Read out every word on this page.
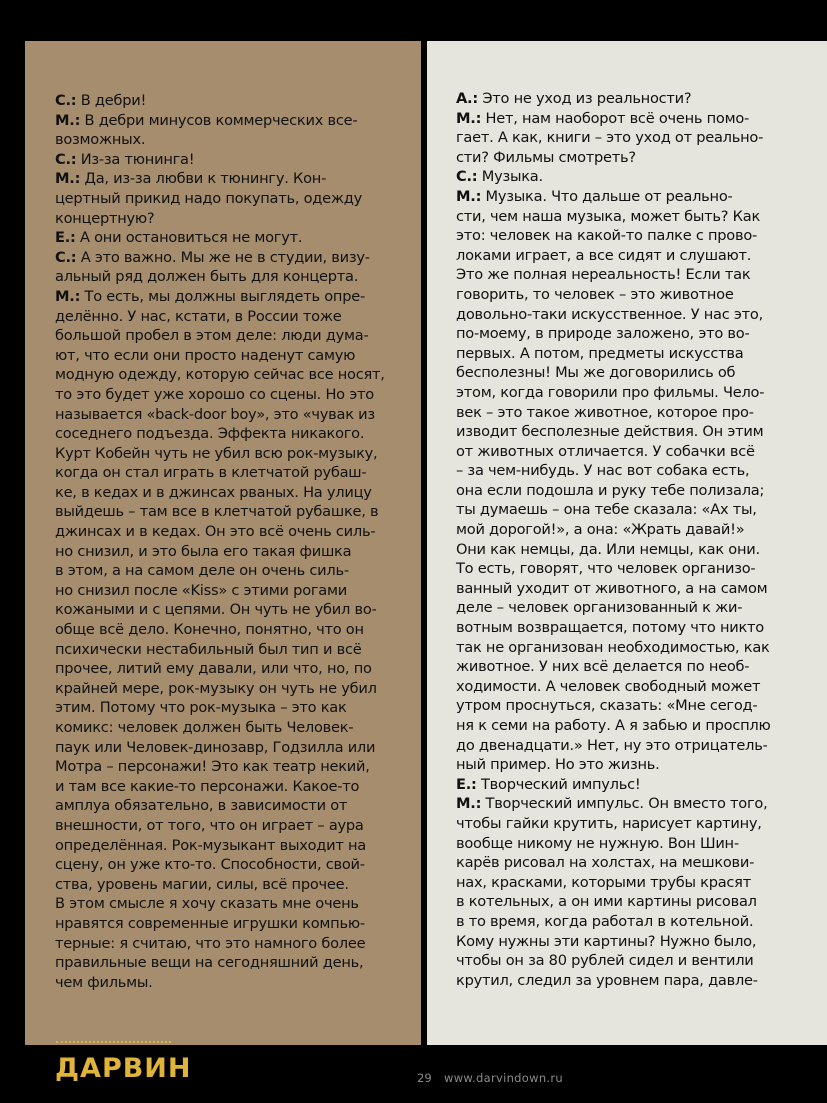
С.: В дебри!
М.: В дебри минусов коммерческих все-
возможных.
С.: Из-за тюнинга!
М.: Да, из-за любви к тюнингу. Кон-
цертный прикид надо покупать, одежду
концертную?
Е.: А они остановиться не могут.
С.: А это важно. Мы же не в студии, визу-
альный ряд должен быть для концерта.
М.: То есть, мы должны выглядеть опре-
делённо. У нас, кстати, в России тоже
большой пробел в этом деле: люди дума-
ют, что если они просто наденут самую
модную одежду, которую сейчас все носят,
то это будет уже хорошо со сцены. Но это
называется «back-door boy», это «чувак из
соседнего подъезда. Эффекта никакого.
Курт Кобейн чуть не убил всю рок-музыку,
когда он стал играть в клетчатой рубаш-
ке, в кедах и в джинсах рваных. На улицу
выйдешь – там все в клетчатой рубашке, в
джинсах и в кедах. Он это всё очень силь-
но снизил, и это была его такая фишка
в этом, а на самом деле он очень силь-
но снизил после «Kiss» с этими рогами
кожаными и с цепями. Он чуть не убил во-
обще всё дело. Конечно, понятно, что он
психически нестабильный был тип и всё
прочее, литий ему давали, или что, но, по
крайней мере, рок-музыку он чуть не убил
этим. Потому что рок-музыка – это как
комикс: человек должен быть Человек-
паук или Человек-динозавр, Годзилла или
Мотра – персонажи! Это как театр некий,
и там все какие-то персонажи. Какое-то
амплуа обязательно, в зависимости от
внешности, от того, что он играет – аура
определённая. Рок-музыкант выходит на
сцену, он уже кто-то. Способности, свой-
ства, уровень магии, силы, всё прочее.
В этом смысле я хочу сказать мне очень
нравятся современные игрушки компью-
терные: я считаю, что это намного более
правильные вещи на сегодняшний день,
чем фильмы.
А.: Это не уход из реальности?
М.: Нет, нам наоборот всё очень помо-
гает. А как, книги – это уход от реально-
сти? Фильмы смотреть?
С.: Музыка.
М.: Музыка. Что дальше от реально-
сти, чем наша музыка, может быть? Как
это: человек на какой-то палке с прово-
локами играет, а все сидят и слушают.
Это же полная нереальность! Если так
говорить, то человек – это животное
довольно-таки искусственное. У нас это,
по-моему, в природе заложено, это во-
первых. А потом, предметы искусства
бесполезны! Мы же договорились об
этом, когда говорили про фильмы. Чело-
век – это такое животное, которое про-
изводит бесполезные действия. Он этим
от животных отличается. У собачки всё
– за чем-нибудь. У нас вот собака есть,
она если подошла и руку тебе полизала;
ты думаешь – она тебе сказала: «Ах ты,
мой дорогой!», а она: «Жрать давай!»
Они как немцы, да. Или немцы, как они.
То есть, говорят, что человек организо-
ванный уходит от животного, а на самом
деле – человек организованный к жи-
вотным возвращается, потому что никто
так не организован необходимостью, как
животное. У них всё делается по необ-
ходимости. А человек свободный может
утром проснуться, сказать: «Мне сегод-
ня к семи на работу. А я забью и просплю
до двенадцати.» Нет, ну это отрицатель-
ный пример. Но это жизнь.
Е.: Творческий импульс!
М.: Творческий импульс. Он вместо того,
чтобы гайки крутить, нарисует картину,
вообще никому не нужную. Вон Шин-
карёв рисовал на холстах, на мешкови-
нах, красками, которыми трубы красят
в котельных, а он ими картины рисовал
в то время, когда работал в котельной.
Кому нужны эти картины? Нужно было,
чтобы он за 80 рублей сидел и вентили
крутил, следил за уровнем пара, давле-
ДАРВИН	29 www.darvindown.ru
